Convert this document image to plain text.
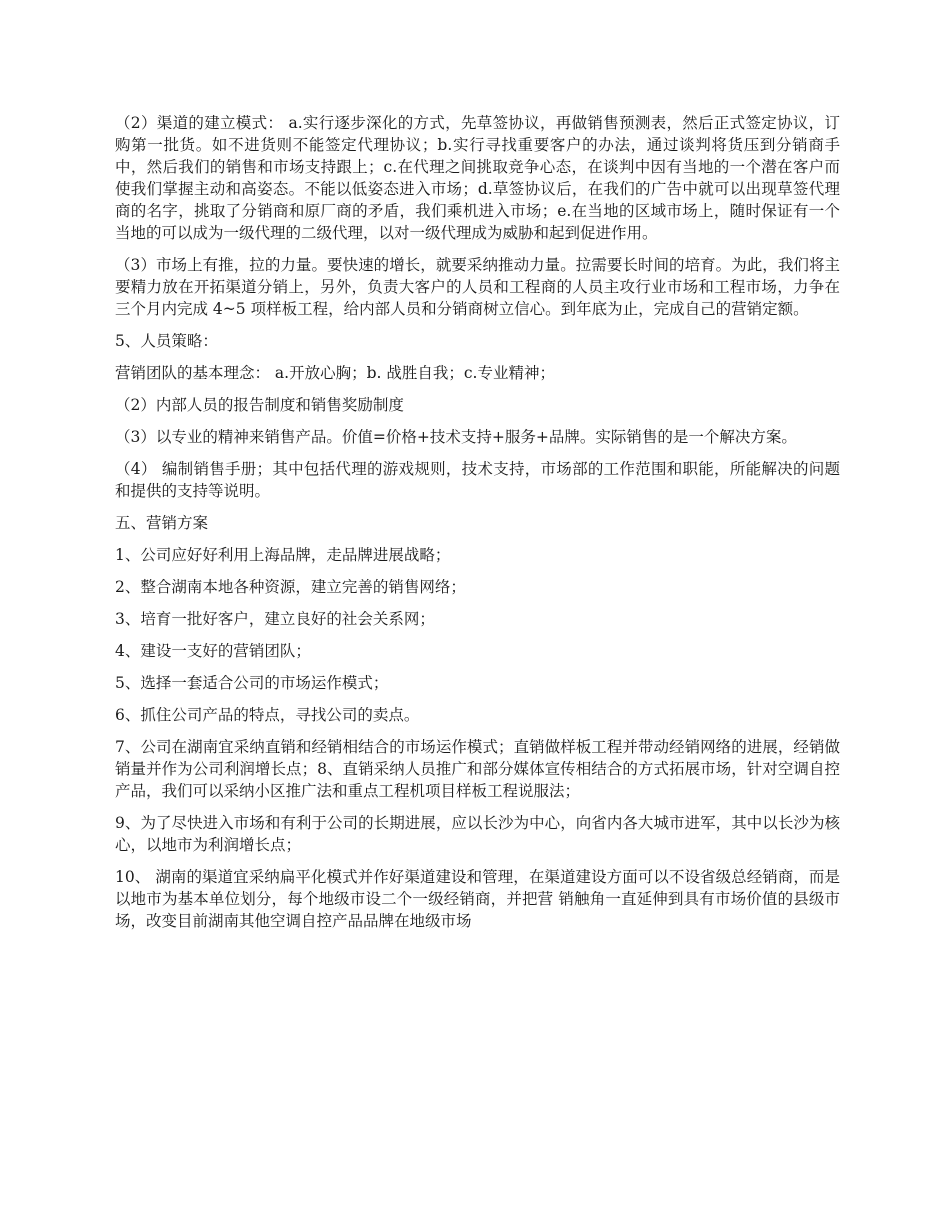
（2）渠道的建立模式： a.实行逐步深化的方式，先草签协议，再做销售预测表，然后正式签定协议，订购第一批货。如不进货则不能签定代理协议；b.实行寻找重要客户的办法，通过谈判将货压到分销商手中，然后我们的销售和市场支持跟上；c.在代理之间挑取竞争心态，在谈判中因有当地的一个潜在客户而使我们掌握主动和高姿态。不能以低姿态进入市场；d.草签协议后，在我们的广告中就可以出现草签代理商的名字，挑取了分销商和原厂商的矛盾，我们乘机进入市场；e.在当地的区域市场上，随时保证有一个当地的可以成为一级代理的二级代理，以对一级代理成为威胁和起到促进作用。

（3）市场上有推，拉的力量。要快速的增长，就要采纳推动力量。拉需要长时间的培育。为此，我们将主要精力放在开拓渠道分销上，另外，负责大客户的人员和工程商的人员主攻行业市场和工程市场，力争在三个月内完成 4~5 项样板工程，给内部人员和分销商树立信心。到年底为止，完成自己的营销定额。

5、人员策略：

营销团队的基本理念： a.开放心胸；b. 战胜自我；c.专业精神；

（2）内部人员的报告制度和销售奖励制度

（3）以专业的精神来销售产品。价值=价格+技术支持+服务+品牌。实际销售的是一个解决方案。

（4） 编制销售手册；其中包括代理的游戏规则，技术支持，市场部的工作范围和职能，所能解决的问题和提供的支持等说明。

五、营销方案

1、公司应好好利用上海品牌，走品牌进展战略；

2、整合湖南本地各种资源，建立完善的销售网络；

3、培育一批好客户，建立良好的社会关系网；

4、建设一支好的营销团队；

5、选择一套适合公司的市场运作模式；

6、抓住公司产品的特点，寻找公司的卖点。

7、公司在湖南宜采纳直销和经销相结合的市场运作模式；直销做样板工程并带动经销网络的进展，经销做销量并作为公司利润增长点；8、直销采纳人员推广和部分媒体宣传相结合的方式拓展市场，针对空调自控产品，我们可以采纳小区推广法和重点工程机项目样板工程说服法；

9、为了尽快进入市场和有利于公司的长期进展，应以长沙为中心，向省内各大城市进军，其中以长沙为核心，以地市为利润增长点；

10、 湖南的渠道宜采纳扁平化模式并作好渠道建设和管理，在渠道建设方面可以不设省级总经销商，而是以地市为基本单位划分，每个地级市设二个一级经销商，并把营 销触角一直延伸到具有市场价值的县级市场，改变目前湖南其他空调自控产品品牌在地级市场
